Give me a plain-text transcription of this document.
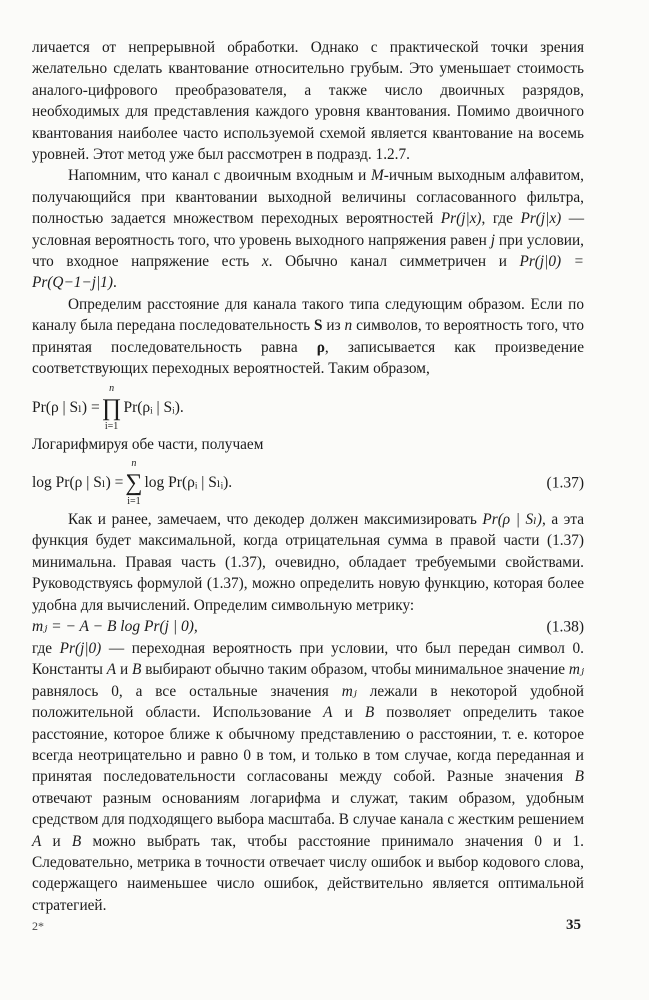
личается от непрерывной обработки. Однако с практической точки зрения желательно сделать квантование относительно грубым. Это уменьшает стоимость аналого-цифрового преобразователя, а также число двоичных разрядов, необходимых для представления каждого уровня квантования. Помимо двоичного квантования наиболее часто используемой схемой является квантование на восемь уровней. Этот метод уже был рассмотрен в подразд. 1.2.7.

Напомним, что канал с двоичным входным и M-ичным выходным алфавитом, получающийся при квантовании выходной величины согласованного фильтра, полностью задается множеством переходных вероятностей Pr(j|x), где Pr(j|x) — условная вероятность того, что уровень выходного напряжения равен j при условии, что входное напряжение есть x. Обычно канал симметричен и Pr(j|0) = Pr(Q−1−j|1).

Определим расстояние для канала такого типа следующим образом. Если по каналу была передана последовательность S из n символов, то вероятность того, что принятая последовательность равна ρ, записывается как произведение соответствующих переходных вероятностей. Таким образом,

Pr(ρ | Sₗ) = ∏
n
i=1
Pr(ρᵢ | Sᵢ).

Логарифмируя обе части, получаем

log Pr(ρ | Sₗ) = ∑
n
i=1
log Pr(ρᵢ | Sₗᵢ).	(1.37)

Как и ранее, замечаем, что декодер должен максимизировать Pr(ρ | Sₗ), а эта функция будет максимальной, когда отрицательная сумма в правой части (1.37) минимальна. Правая часть (1.37), очевидно, обладает требуемыми свойствами. Руководствуясь формулой (1.37), можно определить новую функцию, которая более удобна для вычислений. Определим символьную метрику:

mⱼ = − A − B log Pr(j | 0),	(1.38)

где Pr(j|0) — переходная вероятность при условии, что был передан символ 0. Константы A и B выбирают обычно таким образом, чтобы минимальное значение mⱼ равнялось 0, а все остальные значения mⱼ лежали в некоторой удобной положительной области. Использование A и B позволяет определить такое расстояние, которое ближе к обычному представлению о расстоянии, т. е. которое всегда неотрицательно и равно 0 в том, и только в том случае, когда переданная и принятая последовательности согласованы между собой. Разные значения B отвечают разным основаниям логарифма и служат, таким образом, удобным средством для подходящего выбора масштаба. В случае канала с жестким решением A и B можно выбрать так, чтобы расстояние принимало значения 0 и 1. Следовательно, метрика в точности отвечает числу ошибок и выбор кодового слова, содержащего наименьшее число ошибок, действительно является оптимальной стратегией.

2*	35
